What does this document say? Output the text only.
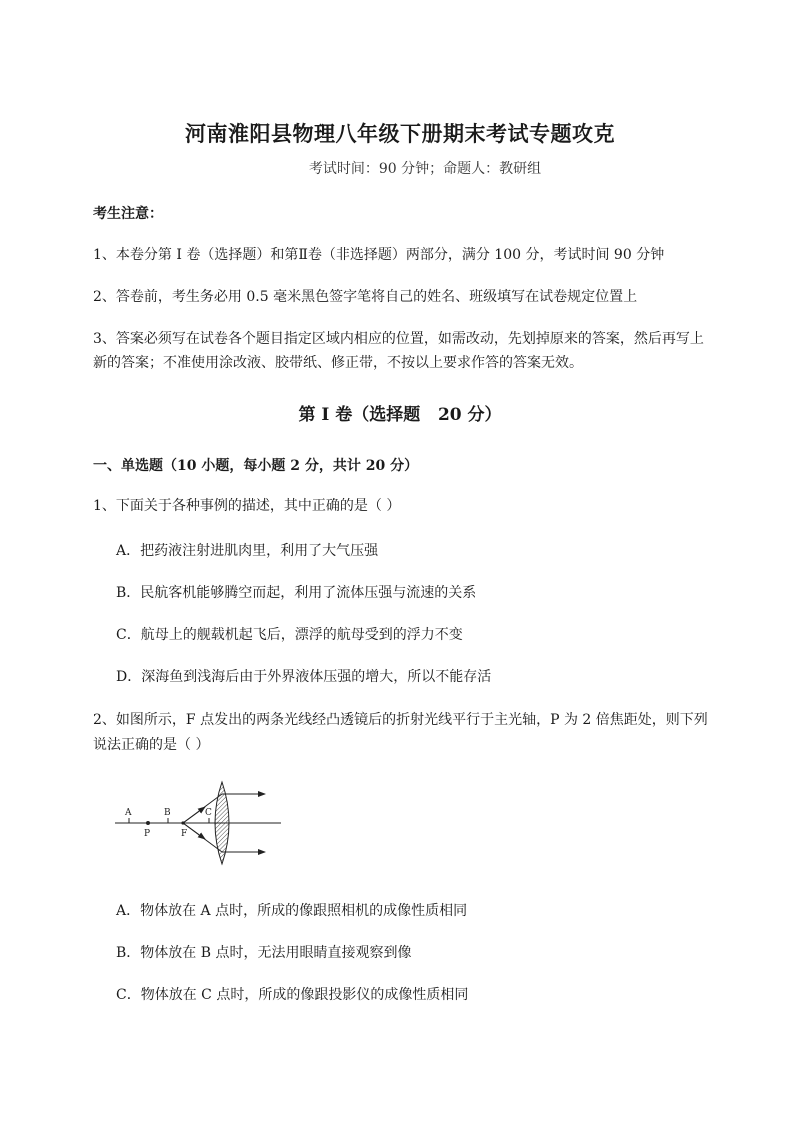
河南淮阳县物理八年级下册期末考试专题攻克
考试时间：90 分钟；命题人：教研组
考生注意：
1、本卷分第 I 卷（选择题）和第Ⅱ卷（非选择题）两部分，满分 100 分，考试时间 90 分钟
2、答卷前，考生务必用 0.5 毫米黑色签字笔将自己的姓名、班级填写在试卷规定位置上
3、答案必须写在试卷各个题目指定区域内相应的位置，如需改动，先划掉原来的答案，然后再写上新的答案；不准使用涂改液、胶带纸、修正带，不按以上要求作答的答案无效。
第 I 卷（选择题   20 分）
一、单选题（10 小题，每小题 2 分，共计 20 分）
1、下面关于各种事例的描述，其中正确的是（ ）
A．把药液注射进肌肉里，利用了大气压强
B．民航客机能够腾空而起，利用了流体压强与流速的关系
C．航母上的舰载机起飞后，漂浮的航母受到的浮力不变
D．深海鱼到浅海后由于外界液体压强的增大，所以不能存活
2、如图所示，F 点发出的两条光线经凸透镜后的折射光线平行于主光轴，P 为 2 倍焦距处，则下列说法正确的是（ ）
A	B	C
P	F
A．物体放在 A 点时，所成的像跟照相机的成像性质相同
B．物体放在 B 点时，无法用眼睛直接观察到像
C．物体放在 C 点时，所成的像跟投影仪的成像性质相同
